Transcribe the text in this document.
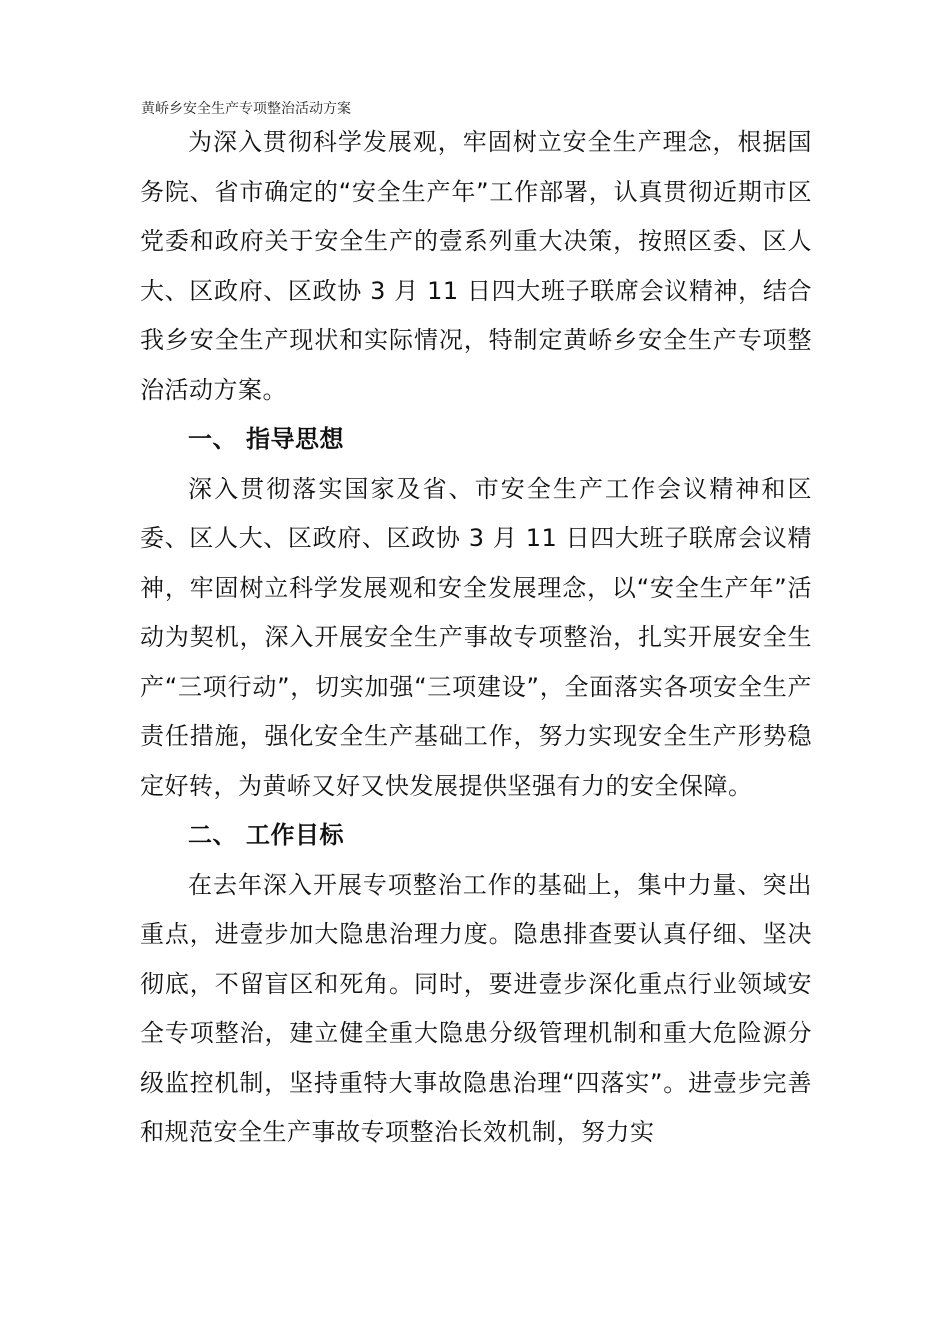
黄峤乡安全生产专项整治活动方案

为深入贯彻科学发展观，牢固树立安全生产理念，根据国务院、省市确定的“安全生产年”工作部署，认真贯彻近期市区党委和政府关于安全生产的壹系列重大决策，按照区委、区人大、区政府、区政协 3 月 11 日四大班子联席会议精神，结合我乡安全生产现状和实际情况，特制定黄峤乡安全生产专项整治活动方案。

一、 指导思想

深入贯彻落实国家及省、市安全生产工作会议精神和区委、区人大、区政府、区政协 3 月 11 日四大班子联席会议精神，牢固树立科学发展观和安全发展理念，以“安全生产年”活动为契机，深入开展安全生产事故专项整治，扎实开展安全生产“三项行动”，切实加强“三项建设”，全面落实各项安全生产责任措施，强化安全生产基础工作，努力实现安全生产形势稳定好转，为黄峤又好又快发展提供坚强有力的安全保障。

二、 工作目标

在去年深入开展专项整治工作的基础上，集中力量、突出重点，进壹步加大隐患治理力度。隐患排查要认真仔细、坚决彻底，不留盲区和死角。同时，要进壹步深化重点行业领域安全专项整治，建立健全重大隐患分级管理机制和重大危险源分级监控机制，坚持重特大事故隐患治理“四落实”。进壹步完善和规范安全生产事故专项整治长效机制，努力实
